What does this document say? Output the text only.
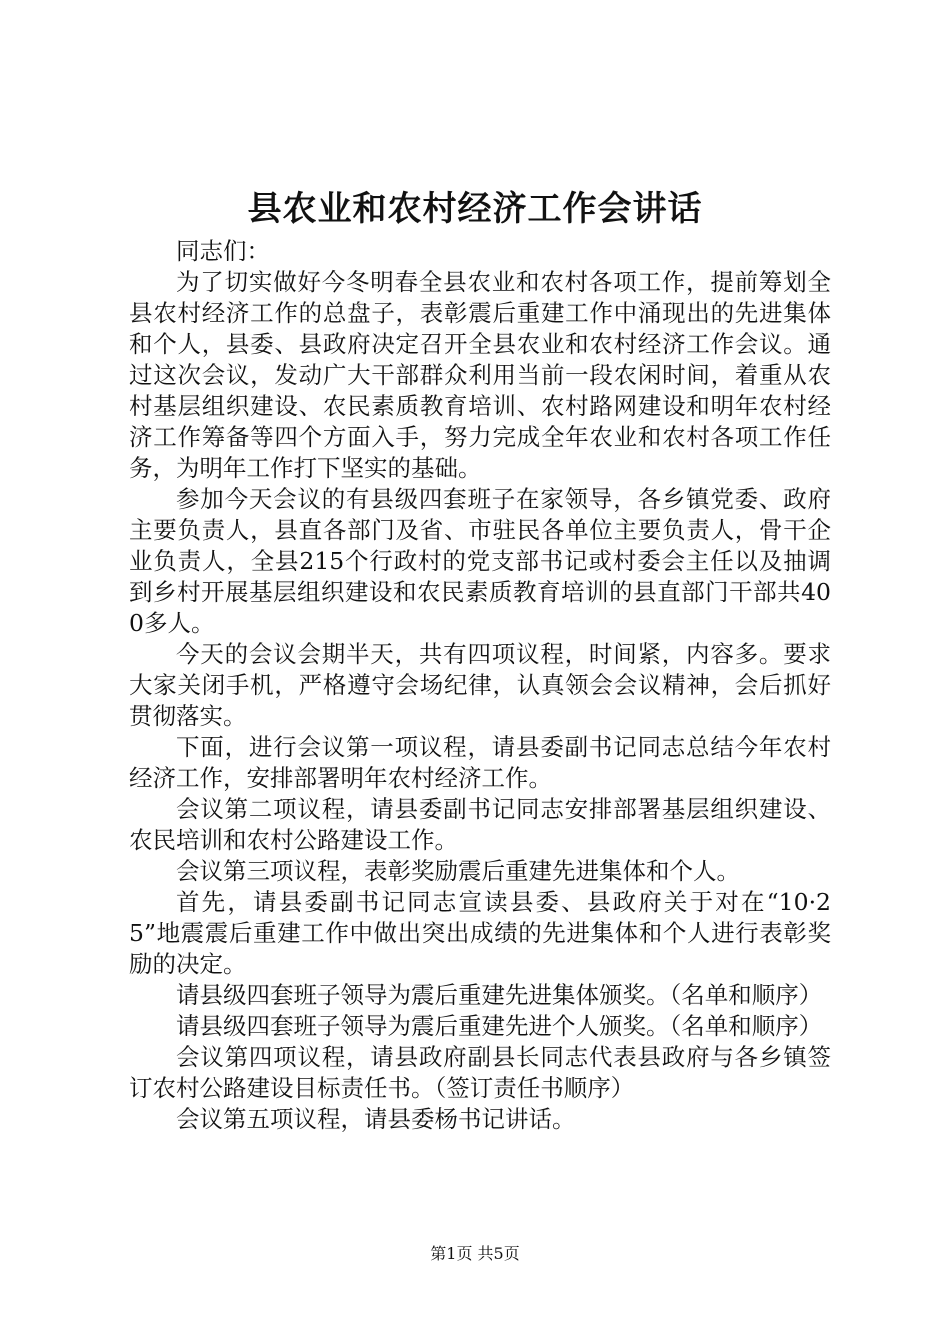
县农业和农村经济工作会讲话

同志们：

为了切实做好今冬明春全县农业和农村各项工作，提前筹划全县农村经济工作的总盘子，表彰震后重建工作中涌现出的先进集体和个人，县委、县政府决定召开全县农业和农村经济工作会议。通过这次会议，发动广大干部群众利用当前一段农闲时间，着重从农村基层组织建设、农民素质教育培训、农村路网建设和明年农村经济工作筹备等四个方面入手，努力完成全年农业和农村各项工作任务，为明年工作打下坚实的基础。

参加今天会议的有县级四套班子在家领导，各乡镇党委、政府主要负责人，县直各部门及省、市驻民各单位主要负责人，骨干企业负责人，全县215个行政村的党支部书记或村委会主任以及抽调到乡村开展基层组织建设和农民素质教育培训的县直部门干部共400多人。

今天的会议会期半天，共有四项议程，时间紧，内容多。要求大家关闭手机，严格遵守会场纪律，认真领会会议精神，会后抓好贯彻落实。

下面，进行会议第一项议程，请县委副书记同志总结今年农村经济工作，安排部署明年农村经济工作。

会议第二项议程，请县委副书记同志安排部署基层组织建设、农民培训和农村公路建设工作。

会议第三项议程，表彰奖励震后重建先进集体和个人。

首先，请县委副书记同志宣读县委、县政府关于对在“10·25”地震震后重建工作中做出突出成绩的先进集体和个人进行表彰奖励的决定。

请县级四套班子领导为震后重建先进集体颁奖。（名单和顺序）

请县级四套班子领导为震后重建先进个人颁奖。（名单和顺序）

会议第四项议程，请县政府副县长同志代表县政府与各乡镇签订农村公路建设目标责任书。（签订责任书顺序）

会议第五项议程，请县委杨书记讲话。

第1页 共5页
